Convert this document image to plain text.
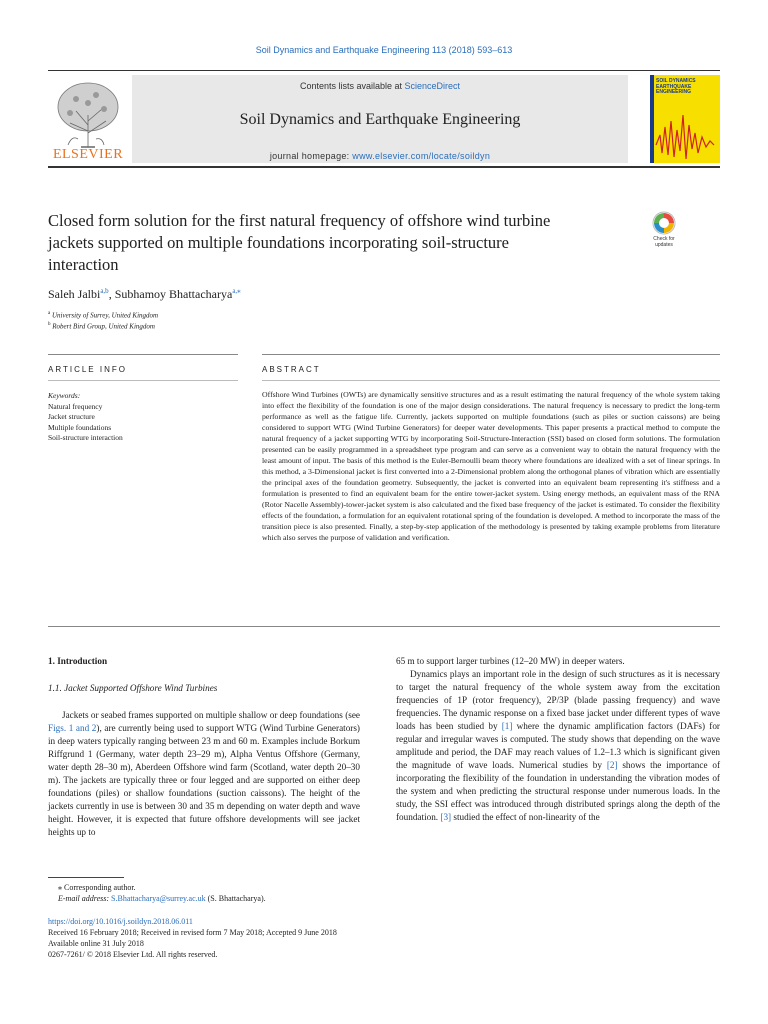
Soil Dynamics and Earthquake Engineering 113 (2018) 593–613
ELSEVIER
Contents lists available at ScienceDirect
Soil Dynamics and Earthquake Engineering
journal homepage: www.elsevier.com/locate/soildyn
SOIL DYNAMICS EARTHQUAKE ENGINEERING
Closed form solution for the first natural frequency of offshore wind turbine
jackets supported on multiple foundations incorporating soil-structure
interaction
Check for updates
Saleh Jalbi$^{a,b}$, Subhamoy Bhattacharya$^{a,⁎}$
$^a$ University of Surrey, United Kingdom
$^b$ Robert Bird Group, United Kingdom
ARTICLE INFO	ABSTRACT
Keywords:
Natural frequency
Jacket structure
Multiple foundations
Soil-structure interaction
Offshore Wind Turbines (OWTs) are dynamically sensitive structures and as a result estimating the natural frequency of the whole system taking into effect the flexibility of the foundation is one of the major design considerations. The natural frequency is necessary to predict the long-term performance as well as the fatigue life. Currently, jackets supported on multiple foundations (such as piles or suction caissons) are being considered to support WTG (Wind Turbine Generators) for deeper water developments. This paper presents a practical method to compute the natural frequency of a jacket supporting WTG by incorporating Soil-Structure-Interaction (SSI) based on closed form solutions. The formulation presented can be easily programmed in a spreadsheet type program and can serve as a convenient way to obtain the natural frequency with the least amount of input. The basis of this method is the Euler-Bernoulli beam theory where foundations are idealized with a set of linear springs. In this method, a 3-Dimensional jacket is first converted into a 2-Dimensional problem along the orthogonal planes of vibration which are essentially the principal axes of the foundation geometry. Subsequently, the jacket is converted into an equivalent beam representing it's stiffness and a formulation is presented to find an equivalent beam for the entire tower-jacket system. Using energy methods, an equivalent mass of the RNA (Rotor Nacelle Assembly)-tower-jacket system is also calculated and the fixed base frequency of the jacket is estimated. To consider the flexibility effects of the foundation, a formulation for an equivalent rotational spring of the foundation is developed. A method to incorporate the mass of the transition piece is also presented. Finally, a step-by-step application of the methodology is presented by taking example problems from literature which also serves the purpose of validation and verification.
1. Introduction
1.1. Jacket Supported Offshore Wind Turbines

Jackets or seabed frames supported on multiple shallow or deep foundations (see Figs. 1 and 2), are currently being used to support WTG (Wind Turbine Generators) in deep waters typically ranging between 23 m and 60 m. Examples include Borkum Riffgrund 1 (Germany, water depth 23–29 m), Alpha Ventus Offshore (Germany, water depth 28–30 m), Aberdeen Offshore wind farm (Scotland, water depth 20–30 m). The jackets are typically three or four legged and are supported on either deep foundations (piles) or shallow foundations (suction caissons). The height of the jackets currently in use is between 30 and 35 m depending on water depth and wave height. However, it is expected that future offshore developments will see jacket heights up to

65 m to support larger turbines (12–20 MW) in deeper waters.

Dynamics plays an important role in the design of such structures as it is necessary to target the natural frequency of the whole system away from the excitation frequencies of 1P (rotor frequency), 2P/3P (blade passing frequency) and wave frequencies. The dynamic response on a fixed base jacket under different types of wave loads has been studied by [1] where the dynamic amplification factors (DAFs) for regular and irregular waves is computed. The study shows that depending on the wave amplitude and period, the DAF may reach values of 1.2–1.3 which is significant given the magnitude of wave loads. Numerical studies by [2] shows the importance of incorporating the flexibility of the foundation in understanding the vibration modes of the system and when predicting the structural response under numerous loads. In the study, the SSI effect was introduced through distributed springs along the depth of the foundation. [3] studied the effect of non-linearity of the

⁎ Corresponding author.
E-mail address: S.Bhattacharya@surrey.ac.uk (S. Bhattacharya).
https://doi.org/10.1016/j.soildyn.2018.06.011
Received 16 February 2018; Received in revised form 7 May 2018; Accepted 9 June 2018
Available online 31 July 2018
0267-7261/ © 2018 Elsevier Ltd. All rights reserved.
